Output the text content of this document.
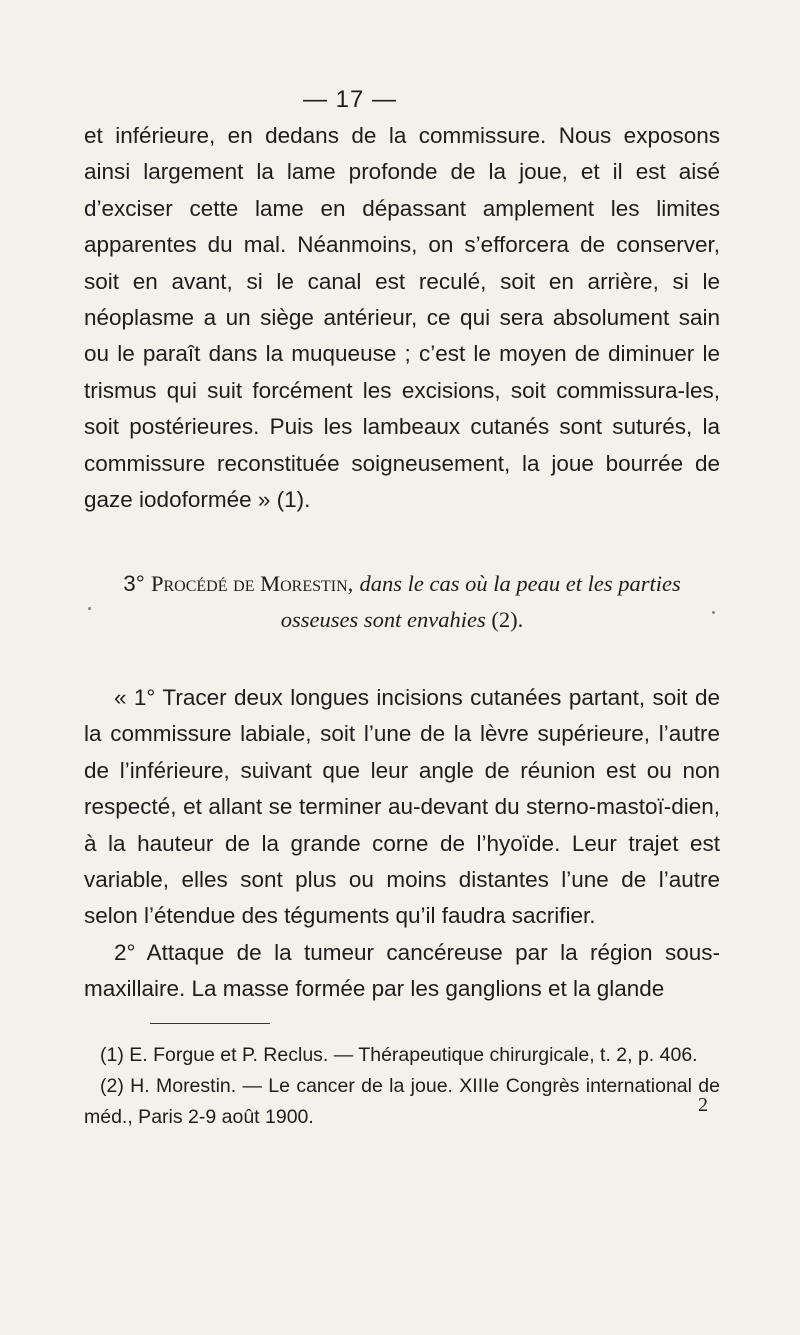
— 17 —

et inférieure, en dedans de la commissure. Nous exposons ainsi largement la lame profonde de la joue, et il est aisé d’exciser cette lame en dépassant amplement les limites apparentes du mal. Néanmoins, on s’efforcera de conserver, soit en avant, si le canal est reculé, soit en arrière, si le néoplasme a un siège antérieur, ce qui sera absolument sain ou le paraît dans la muqueuse ; c’est le moyen de diminuer le trismus qui suit forcément les excisions, soit commissura-les, soit postérieures. Puis les lambeaux cutanés sont suturés, la commissure reconstituée soigneusement, la joue bourrée de gaze iodoformée » (1).

3° Procédé de Morestin, dans le cas où la peau et les parties
osseuses sont envahies (2).

« 1° Tracer deux longues incisions cutanées partant, soit de la commissure labiale, soit l’une de la lèvre supérieure, l’autre de l’inférieure, suivant que leur angle de réunion est ou non respecté, et allant se terminer au-devant du sterno-mastoï-dien, à la hauteur de la grande corne de l’hyoïde. Leur trajet est variable, elles sont plus ou moins distantes l’une de l’autre selon l’étendue des téguments qu’il faudra sacrifier.

2° Attaque de la tumeur cancéreuse par la région sous-maxillaire. La masse formée par les ganglions et la glande

(1) E. Forgue et P. Reclus. — Thérapeutique chirurgicale, t. 2, p. 406.

(2) H. Morestin. — Le cancer de la joue. XIIIe Congrès international de méd., Paris 2-9 août 1900.

2
